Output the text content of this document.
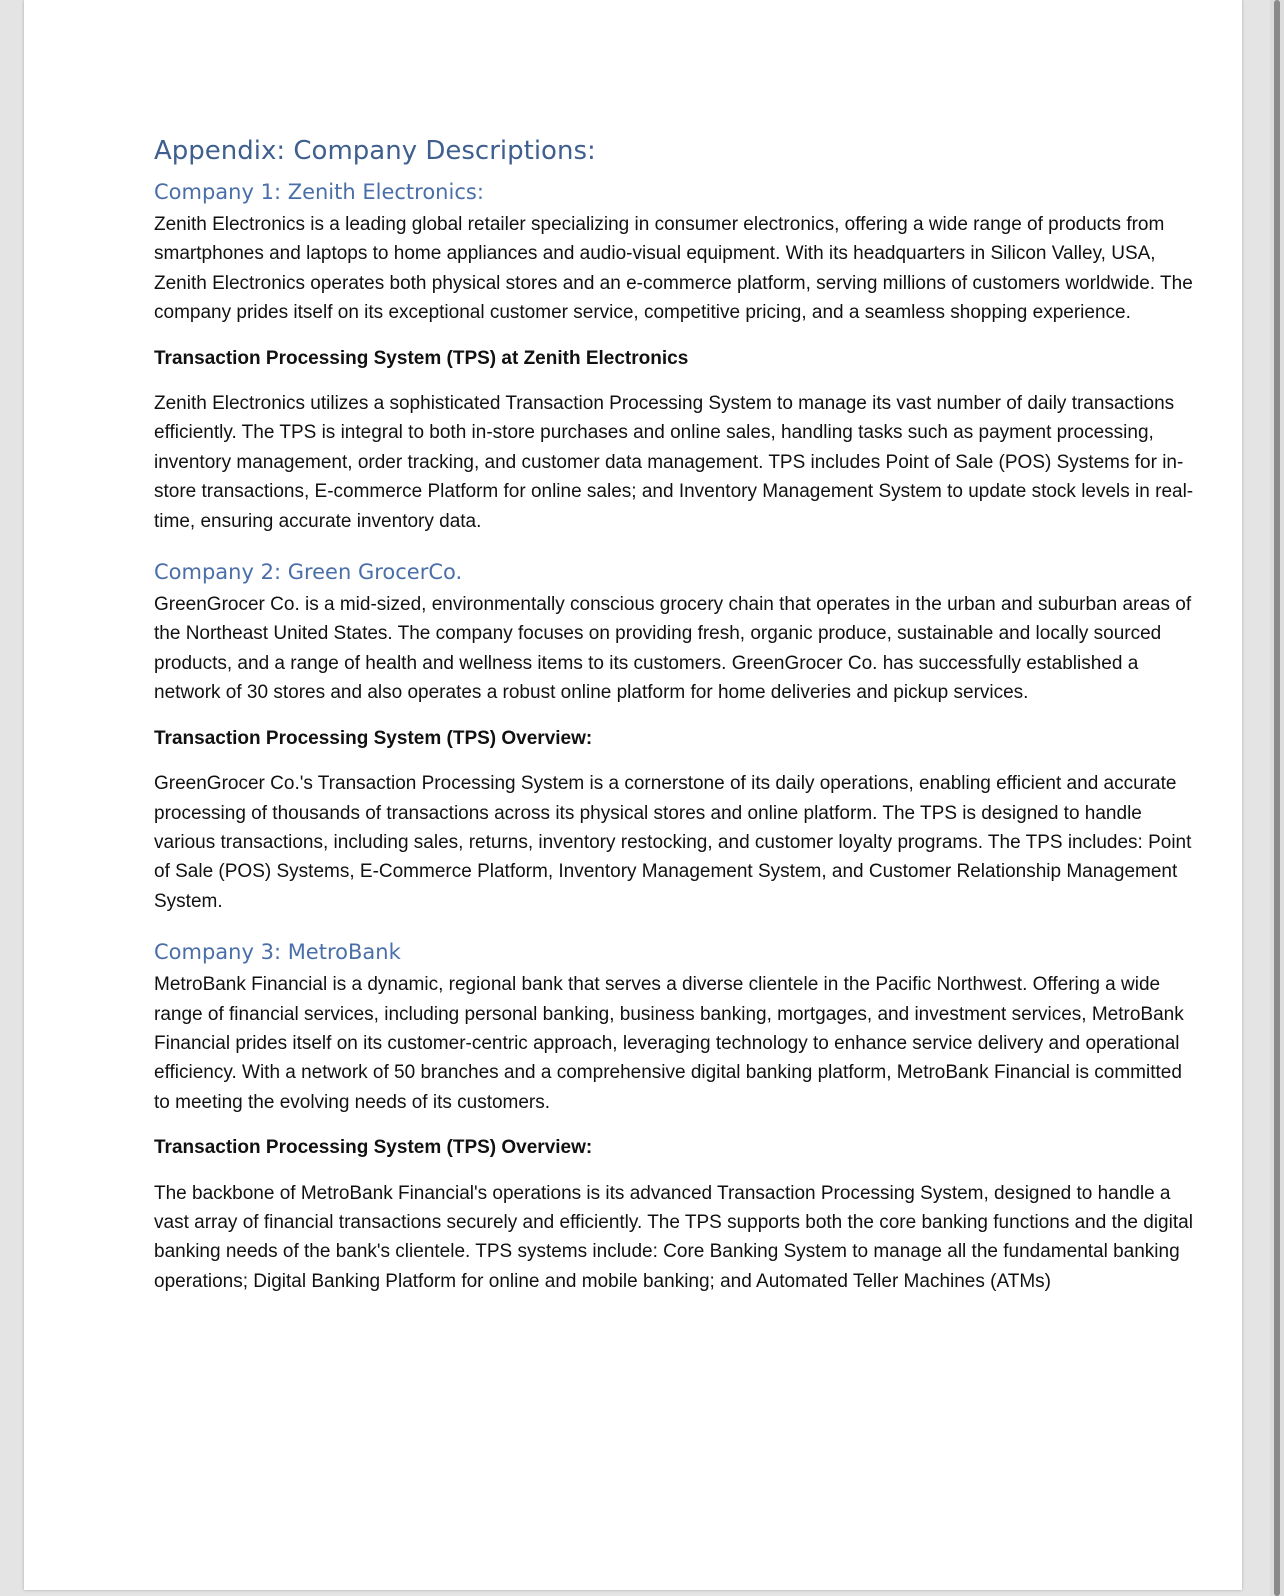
Appendix: Company Descriptions:
Company 1: Zenith Electronics:

Zenith Electronics is a leading global retailer specializing in consumer electronics, offering a wide range of products from smartphones and laptops to home appliances and audio-visual equipment. With its headquarters in Silicon Valley, USA, Zenith Electronics operates both physical stores and an e-commerce platform, serving millions of customers worldwide. The company prides itself on its exceptional customer service, competitive pricing, and a seamless shopping experience.

Transaction Processing System (TPS) at Zenith Electronics

Zenith Electronics utilizes a sophisticated Transaction Processing System to manage its vast number of daily transactions efficiently. The TPS is integral to both in-store purchases and online sales, handling tasks such as payment processing, inventory management, order tracking, and customer data management. TPS includes Point of Sale (POS) Systems for in-store transactions, E-commerce Platform for online sales; and Inventory Management System to update stock levels in real-time, ensuring accurate inventory data.

Company 2: Green GrocerCo.

GreenGrocer Co. is a mid-sized, environmentally conscious grocery chain that operates in the urban and suburban areas of the Northeast United States. The company focuses on providing fresh, organic produce, sustainable and locally sourced products, and a range of health and wellness items to its customers. GreenGrocer Co. has successfully established a network of 30 stores and also operates a robust online platform for home deliveries and pickup services.

Transaction Processing System (TPS) Overview:

GreenGrocer Co.'s Transaction Processing System is a cornerstone of its daily operations, enabling efficient and accurate processing of thousands of transactions across its physical stores and online platform. The TPS is designed to handle various transactions, including sales, returns, inventory restocking, and customer loyalty programs. The TPS includes: Point of Sale (POS) Systems, E-Commerce Platform, Inventory Management System, and Customer Relationship Management System.

Company 3: MetroBank

MetroBank Financial is a dynamic, regional bank that serves a diverse clientele in the Pacific Northwest. Offering a wide range of financial services, including personal banking, business banking, mortgages, and investment services, MetroBank Financial prides itself on its customer-centric approach, leveraging technology to enhance service delivery and operational efficiency. With a network of 50 branches and a comprehensive digital banking platform, MetroBank Financial is committed to meeting the evolving needs of its customers.

Transaction Processing System (TPS) Overview:

The backbone of MetroBank Financial's operations is its advanced Transaction Processing System, designed to handle a vast array of financial transactions securely and efficiently. The TPS supports both the core banking functions and the digital banking needs of the bank's clientele. TPS systems include: Core Banking System to manage all the fundamental banking operations; Digital Banking Platform for online and mobile banking; and Automated Teller Machines (ATMs)
